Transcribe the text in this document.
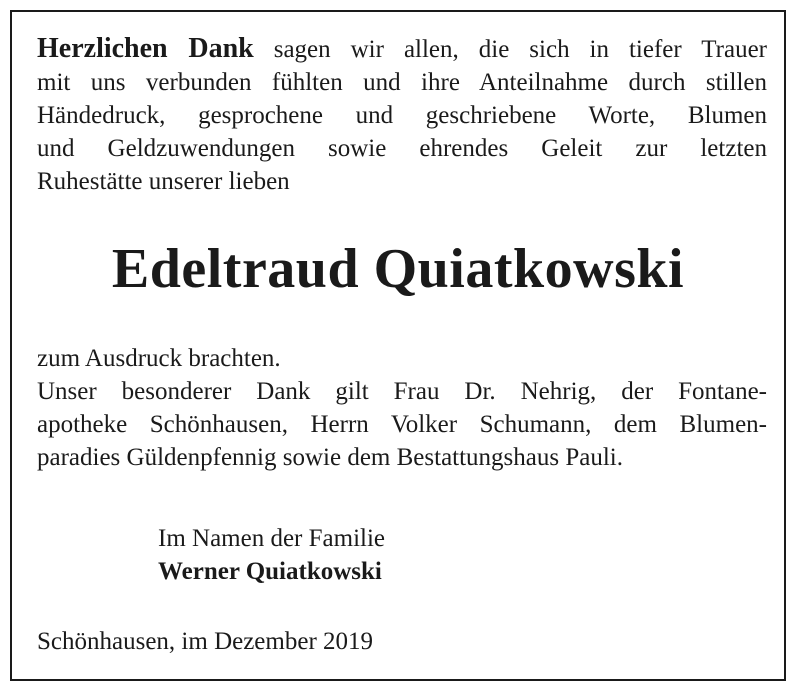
Herzlichen Dank sagen wir allen, die sich in tiefer Trauer
mit uns verbunden fühlten und ihre Anteilnahme durch stillen
Händedruck, gesprochene und geschriebene Worte, Blumen
und Geldzuwendungen sowie ehrendes Geleit zur letzten
Ruhestätte unserer lieben
Edeltraud Quiatkowski
zum Ausdruck brachten.
Unser besonderer Dank gilt Frau Dr. Nehrig, der Fontane-
apotheke Schönhausen, Herrn Volker Schumann, dem Blumen-
paradies Güldenpfennig sowie dem Bestattungshaus Pauli.
Im Namen der Familie
Werner Quiatkowski
Schönhausen, im Dezember 2019
